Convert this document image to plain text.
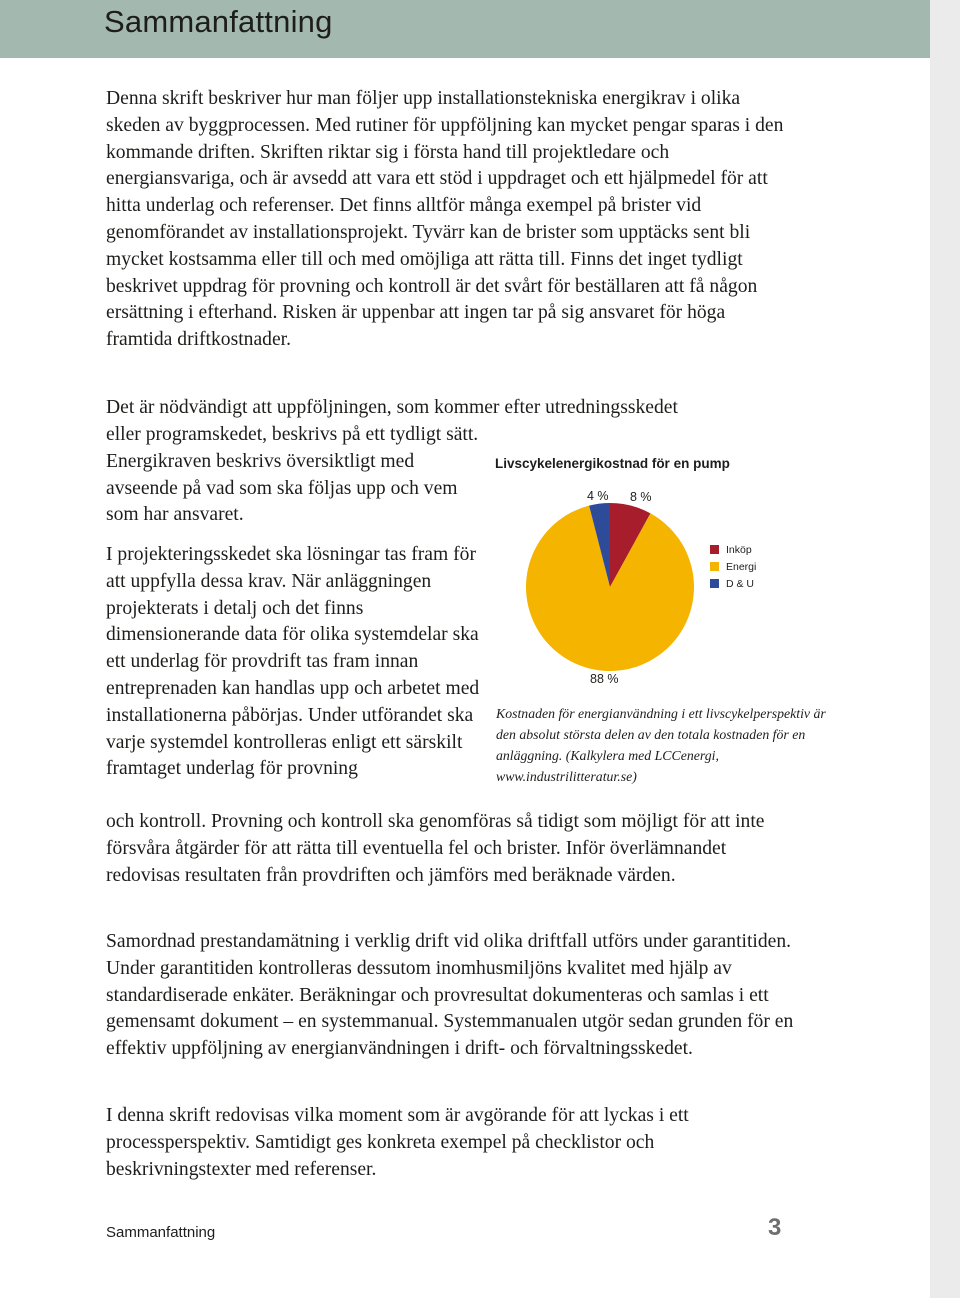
Sammanfattning

Denna skrift beskriver hur man följer upp installationstekniska energikrav i olika skeden av byggprocessen. Med rutiner för uppföljning kan mycket pengar sparas i den kommande driften. Skriften riktar sig i första hand till projektledare och energiansvariga, och är avsedd att vara ett stöd i uppdraget och ett hjälpmedel för att hitta underlag och referenser. Det finns alltför många exempel på brister vid genomförandet av installationsprojekt. Tyvärr kan de brister som upptäcks sent bli mycket kostsamma eller till och med omöjliga att rätta till. Finns det inget tydligt beskrivet uppdrag för provning och kontroll är det svårt för beställaren att få någon ersättning i efterhand. Risken är uppenbar att ingen tar på sig ansvaret för höga framtida driftkostnader.

Det är nödvändigt att uppföljningen, som kommer efter utredningsskedet

eller programskedet, beskrivs på ett tydligt sätt. Energikraven beskrivs översiktligt med avseende på vad som ska följas upp och vem som har ansvaret.

I projekteringsskedet ska lösningar tas fram för att uppfylla dessa krav. När anläggningen projekterats i detalj och det finns dimensionerande data för olika systemdelar ska ett underlag för provdrift tas fram innan entreprenaden kan handlas upp och arbetet med installationerna påbörjas. Under utförandet ska varje systemdel kontrolleras enligt ett särskilt framtaget underlag för provning

och kontroll. Provning och kontroll ska genomföras så tidigt som möjligt för att inte försvåra åtgärder för att rätta till eventuella fel och brister. Inför överlämnandet redovisas resultaten från provdriften och jämförs med beräknade värden.

Samordnad prestandamätning i verklig drift vid olika driftfall utförs under garantitiden. Under garantitiden kontrolleras dessutom inomhusmiljöns kvalitet med hjälp av standardiserade enkäter. Beräkningar och provresultat dokumenteras och samlas i ett gemensamt dokument – en systemmanual. Systemmanualen utgör sedan grunden för en effektiv uppföljning av energianvändningen i drift- och förvaltningsskedet.

I denna skrift redovisas vilka moment som är avgörande för att lyckas i ett processperspektiv. Samtidigt ges konkreta exempel på checklistor och beskrivningstexter med referenser.

Livscykelenergikostnad för en pump

4 % 8 %
88 %
Inköp
Energi
D & U

Kostnaden för energianvändning i ett livscykelperspektiv är den absolut största delen av den totala kostnaden för en anläggning. (Kalkylera med LCCenergi, www.industrilitteratur.se)

Sammanfattning	3
